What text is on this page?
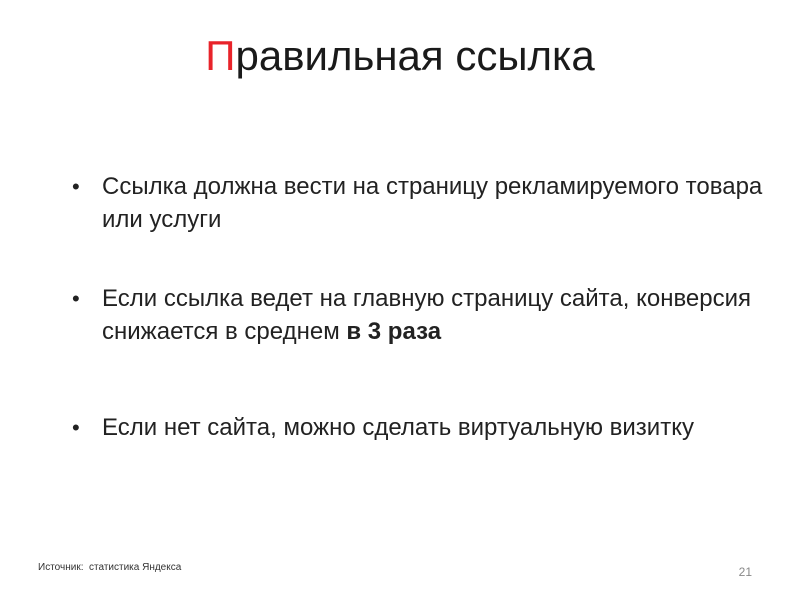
Правильная ссылка
• Ссылка должна вести на страницу рекламируемого товара или услуги
• Если ссылка ведет на главную страницу сайта, конверсия снижается в среднем в 3 раза
• Если нет сайта, можно сделать виртуальную визитку
Источник:  статистика Яндекса	21
